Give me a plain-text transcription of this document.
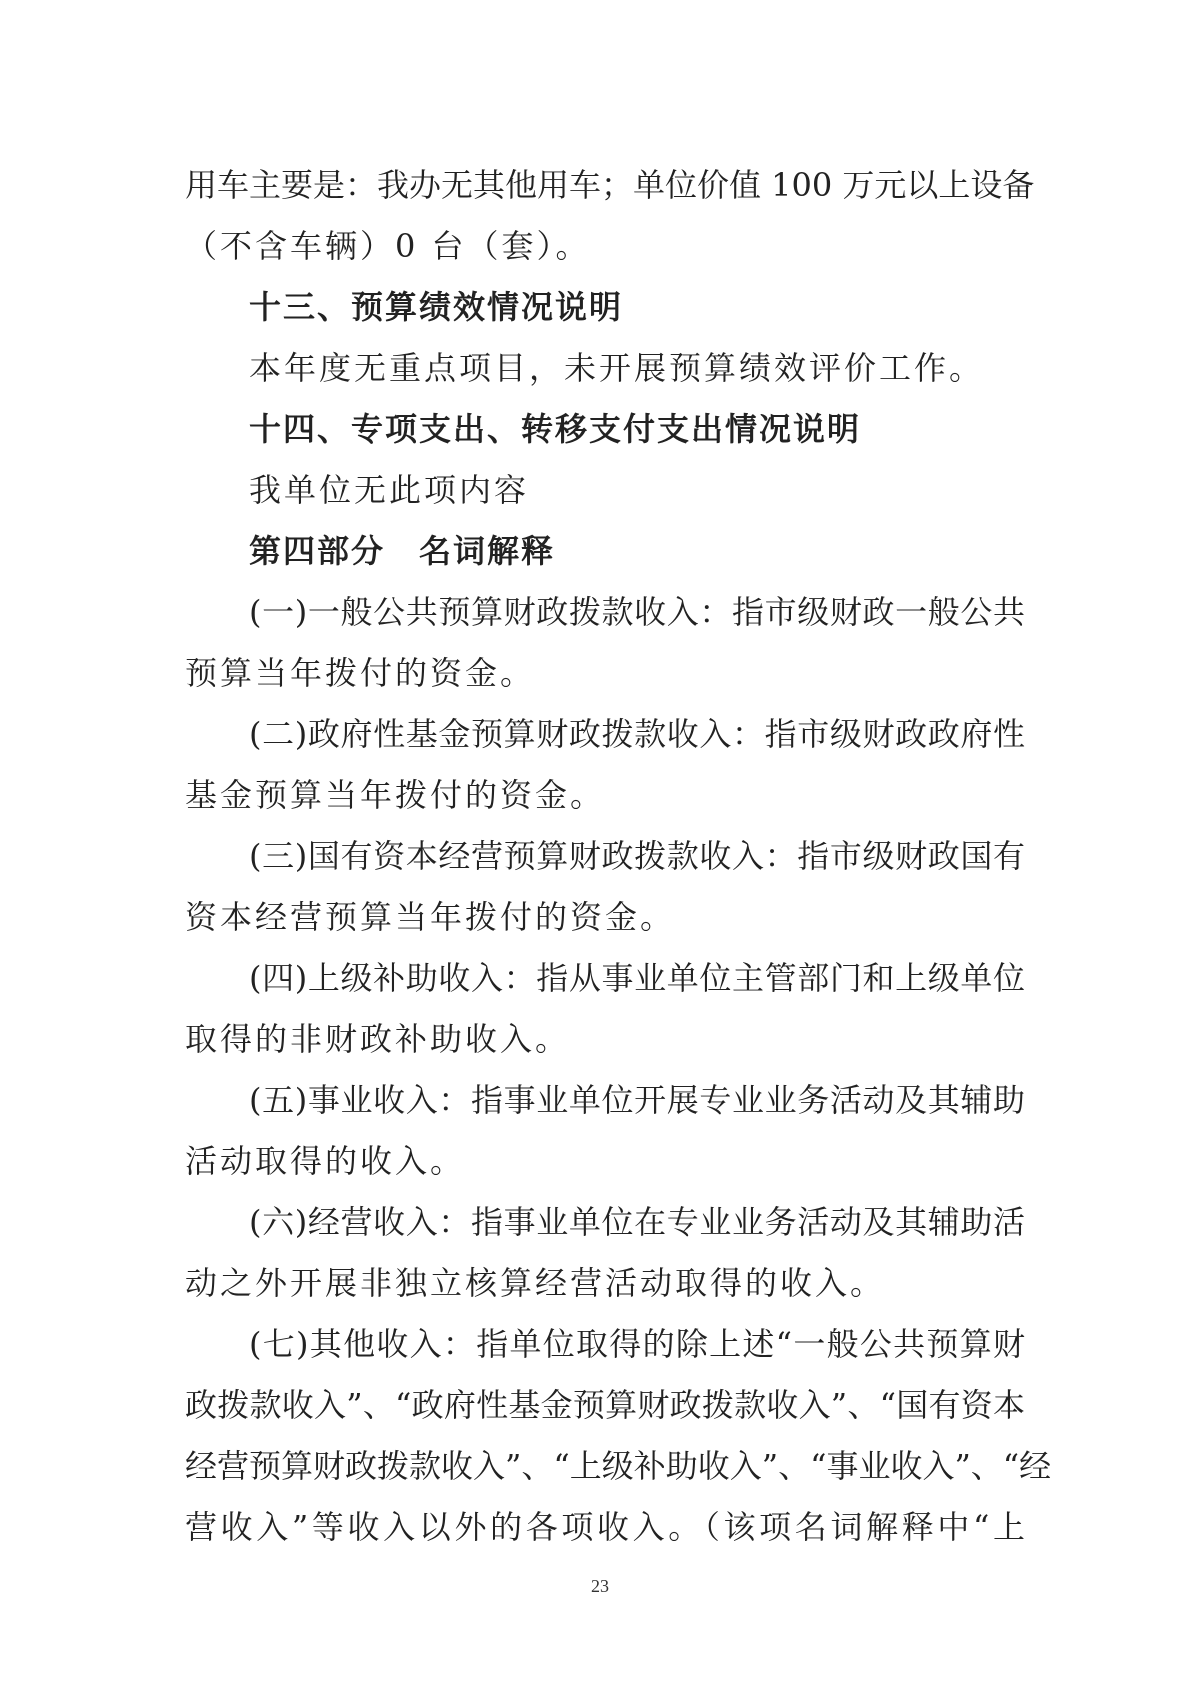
用车主要是：我办无其他用车；单位价值 100 万元以上设备
（不含车辆）0 台（套）。
十三、预算绩效情况说明
本年度无重点项目，未开展预算绩效评价工作。
十四、专项支出、转移支付支出情况说明
我单位无此项内容
第四部分　名词解释
(一)一般公共预算财政拨款收入：指市级财政一般公共
预算当年拨付的资金。
(二)政府性基金预算财政拨款收入：指市级财政政府性
基金预算当年拨付的资金。
(三)国有资本经营预算财政拨款收入：指市级财政国有
资本经营预算当年拨付的资金。
(四)上级补助收入：指从事业单位主管部门和上级单位
取得的非财政补助收入。
(五)事业收入：指事业单位开展专业业务活动及其辅助
活动取得的收入。
(六)经营收入：指事业单位在专业业务活动及其辅助活
动之外开展非独立核算经营活动取得的收入。
(七)其他收入：指单位取得的除上述“一般公共预算财
政拨款收入”、“政府性基金预算财政拨款收入”、“国有资本
经营预算财政拨款收入”、“上级补助收入”、“事业收入”、“经
营收入”等收入以外的各项收入。（该项名词解释中“上
23
